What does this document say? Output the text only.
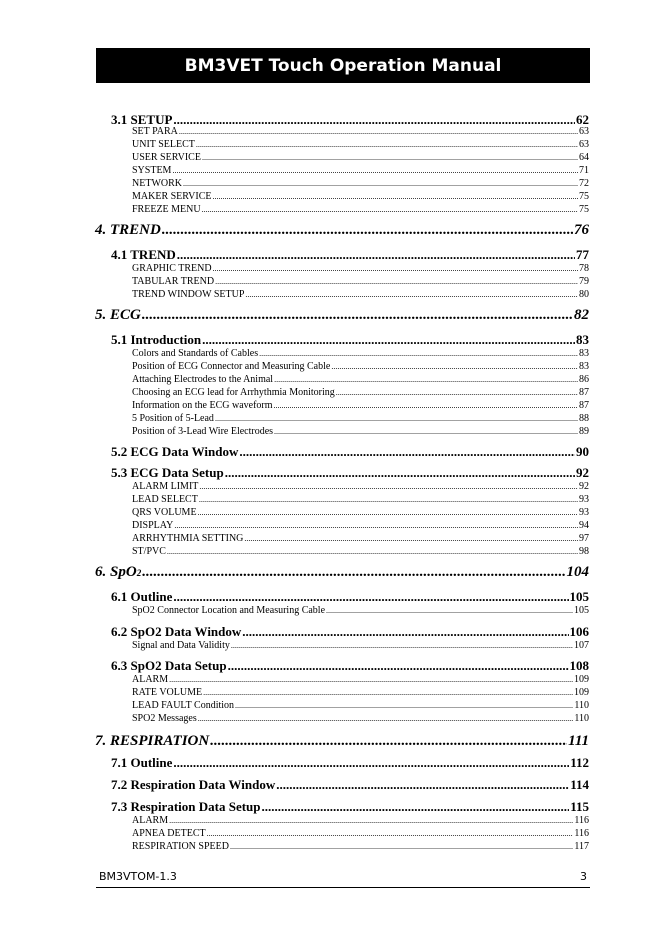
BM3VET Touch Operation Manual
3.1 SETUP .....	62
SET PARA .....	63
UNIT SELECT .....	63
USER SERVICE .....	64
SYSTEM .....	71
NETWORK .....	72
MAKER SERVICE .....	75
FREEZE MENU .....	75
4. TREND .....	76
4.1 TREND .....	77
GRAPHIC TREND .....	78
TABULAR TREND .....	79
TREND WINDOW SETUP .....	80
5. ECG .....	82
5.1 Introduction .....	83
Colors and Standards of Cables .....	83
Position of ECG Connector and Measuring Cable .....	83
Attaching Electrodes to the Animal .....	86
Choosing an ECG lead for Arrhythmia Monitoring .....	87
Information on the ECG waveform .....	87
5 Position of 5-Lead .....	88
Position of 3-Lead Wire Electrodes .....	89
5.2 ECG Data Window .....	90
5.3 ECG Data Setup .....	92
ALARM LIMIT .....	92
LEAD SELECT .....	93
QRS VOLUME .....	93
DISPLAY .....	94
ARRHYTHMIA SETTING .....	97
ST/PVC .....	98
6. SpO 2 .....	104
6.1 Outline .....	105
SpO2 Connector Location and Measuring Cable .....	105
6.2 SpO2 Data Window .....	106
Signal and Data Validity .....	107
6.3 SpO2 Data Setup .....	108
ALARM .....	109
RATE VOLUME .....	109
LEAD FAULT Condition .....	110
SPO2 Messages .....	110
7. RESPIRATION .....	111
7.1 Outline .....	112
7.2 Respiration Data Window .....	114
7.3 Respiration Data Setup .....	115
ALARM .....	116
APNEA DETECT .....	116
RESPIRATION SPEED .....	117
BM3VTOM-1.3	3
